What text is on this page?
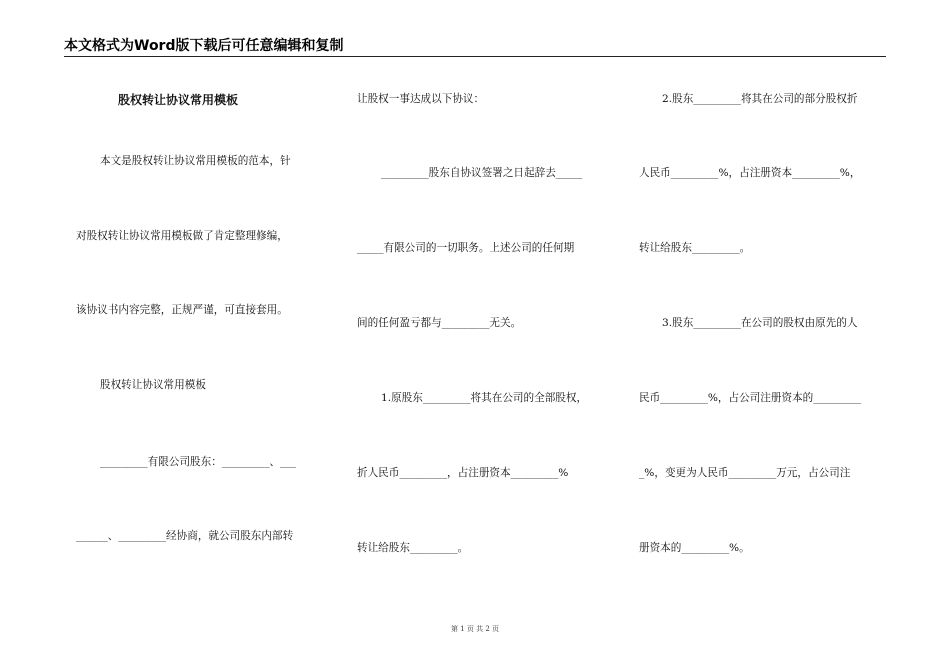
本文格式为Word版下载后可任意编辑和复制
股权转让协议常用模板
本文是股权转让协议常用模板的范本，针
对股权转让协议常用模板做了肯定整理修编，
该协议书内容完整，正规严谨，可直接套用。
股权转让协议常用模板
_________有限公司股东：_________、___
______、_________经协商，就公司股东内部转
让股权一事达成以下协议：
_________股东自协议签署之日起辞去_____
_____有限公司的一切职务。上述公司的任何期
间的任何盈亏都与_________无关。
1.原股东_________将其在公司的全部股权，
折人民币_________，占注册资本_________%
转让给股东_________。
2.股东_________将其在公司的部分股权折
人民币_________%，占注册资本_________%，
转让给股东_________。
3.股东_________在公司的股权由原先的人
民币_________%，占公司注册资本的_________
_%，变更为人民币_________万元，占公司注
册资本的_________%。
第 1 页 共 2 页
